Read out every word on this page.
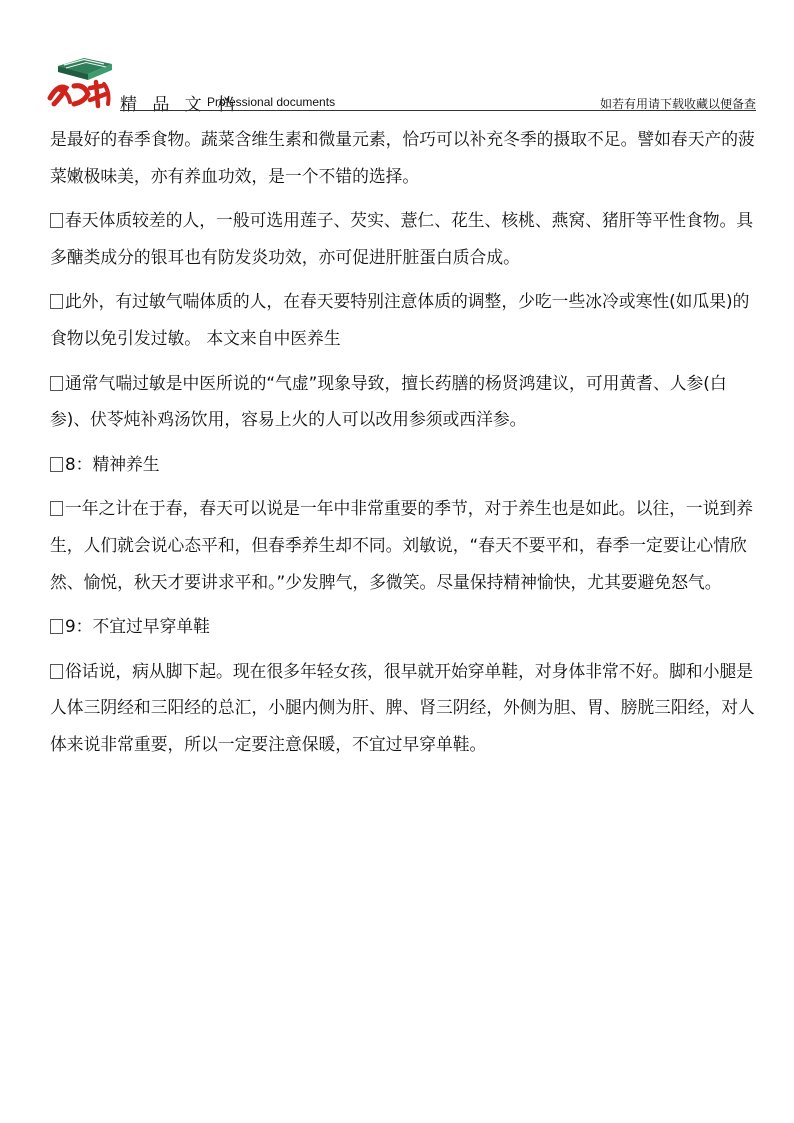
精 品 文 档
Professional documents	如若有用请下载收藏以便备查

是最好的春季食物。蔬菜含维生素和微量元素，恰巧可以补充冬季的摄取不足。譬如春天产的菠菜嫩极味美，亦有养血功效，是一个不错的选择。

春天体质较差的人，一般可选用莲子、芡实、薏仁、花生、核桃、燕窝、猪肝等平性食物。具多醣类成分的银耳也有防发炎功效，亦可促进肝脏蛋白质合成。

此外，有过敏气喘体质的人，在春天要特别注意体质的调整，少吃一些冰冷或寒性(如瓜果)的食物以免引发过敏。 本文来自中医养生

通常气喘过敏是中医所说的“气虚”现象导致，擅长药膳的杨贤鸿建议，可用黄耆、人参(白参)、伏苓炖补鸡汤饮用，容易上火的人可以改用参须或西洋参。

8：精神养生

一年之计在于春，春天可以说是一年中非常重要的季节，对于养生也是如此。以往，一说到养生，人们就会说心态平和，但春季养生却不同。刘敏说，“春天不要平和，春季一定要让心情欣然、愉悦，秋天才要讲求平和。”少发脾气，多微笑。尽量保持精神愉快，尤其要避免怒气。

9：不宜过早穿单鞋

俗话说，病从脚下起。现在很多年轻女孩，很早就开始穿单鞋，对身体非常不好。脚和小腿是人体三阴经和三阳经的总汇，小腿内侧为肝、脾、肾三阴经，外侧为胆、胃、膀胱三阳经，对人体来说非常重要，所以一定要注意保暖，不宜过早穿单鞋。
